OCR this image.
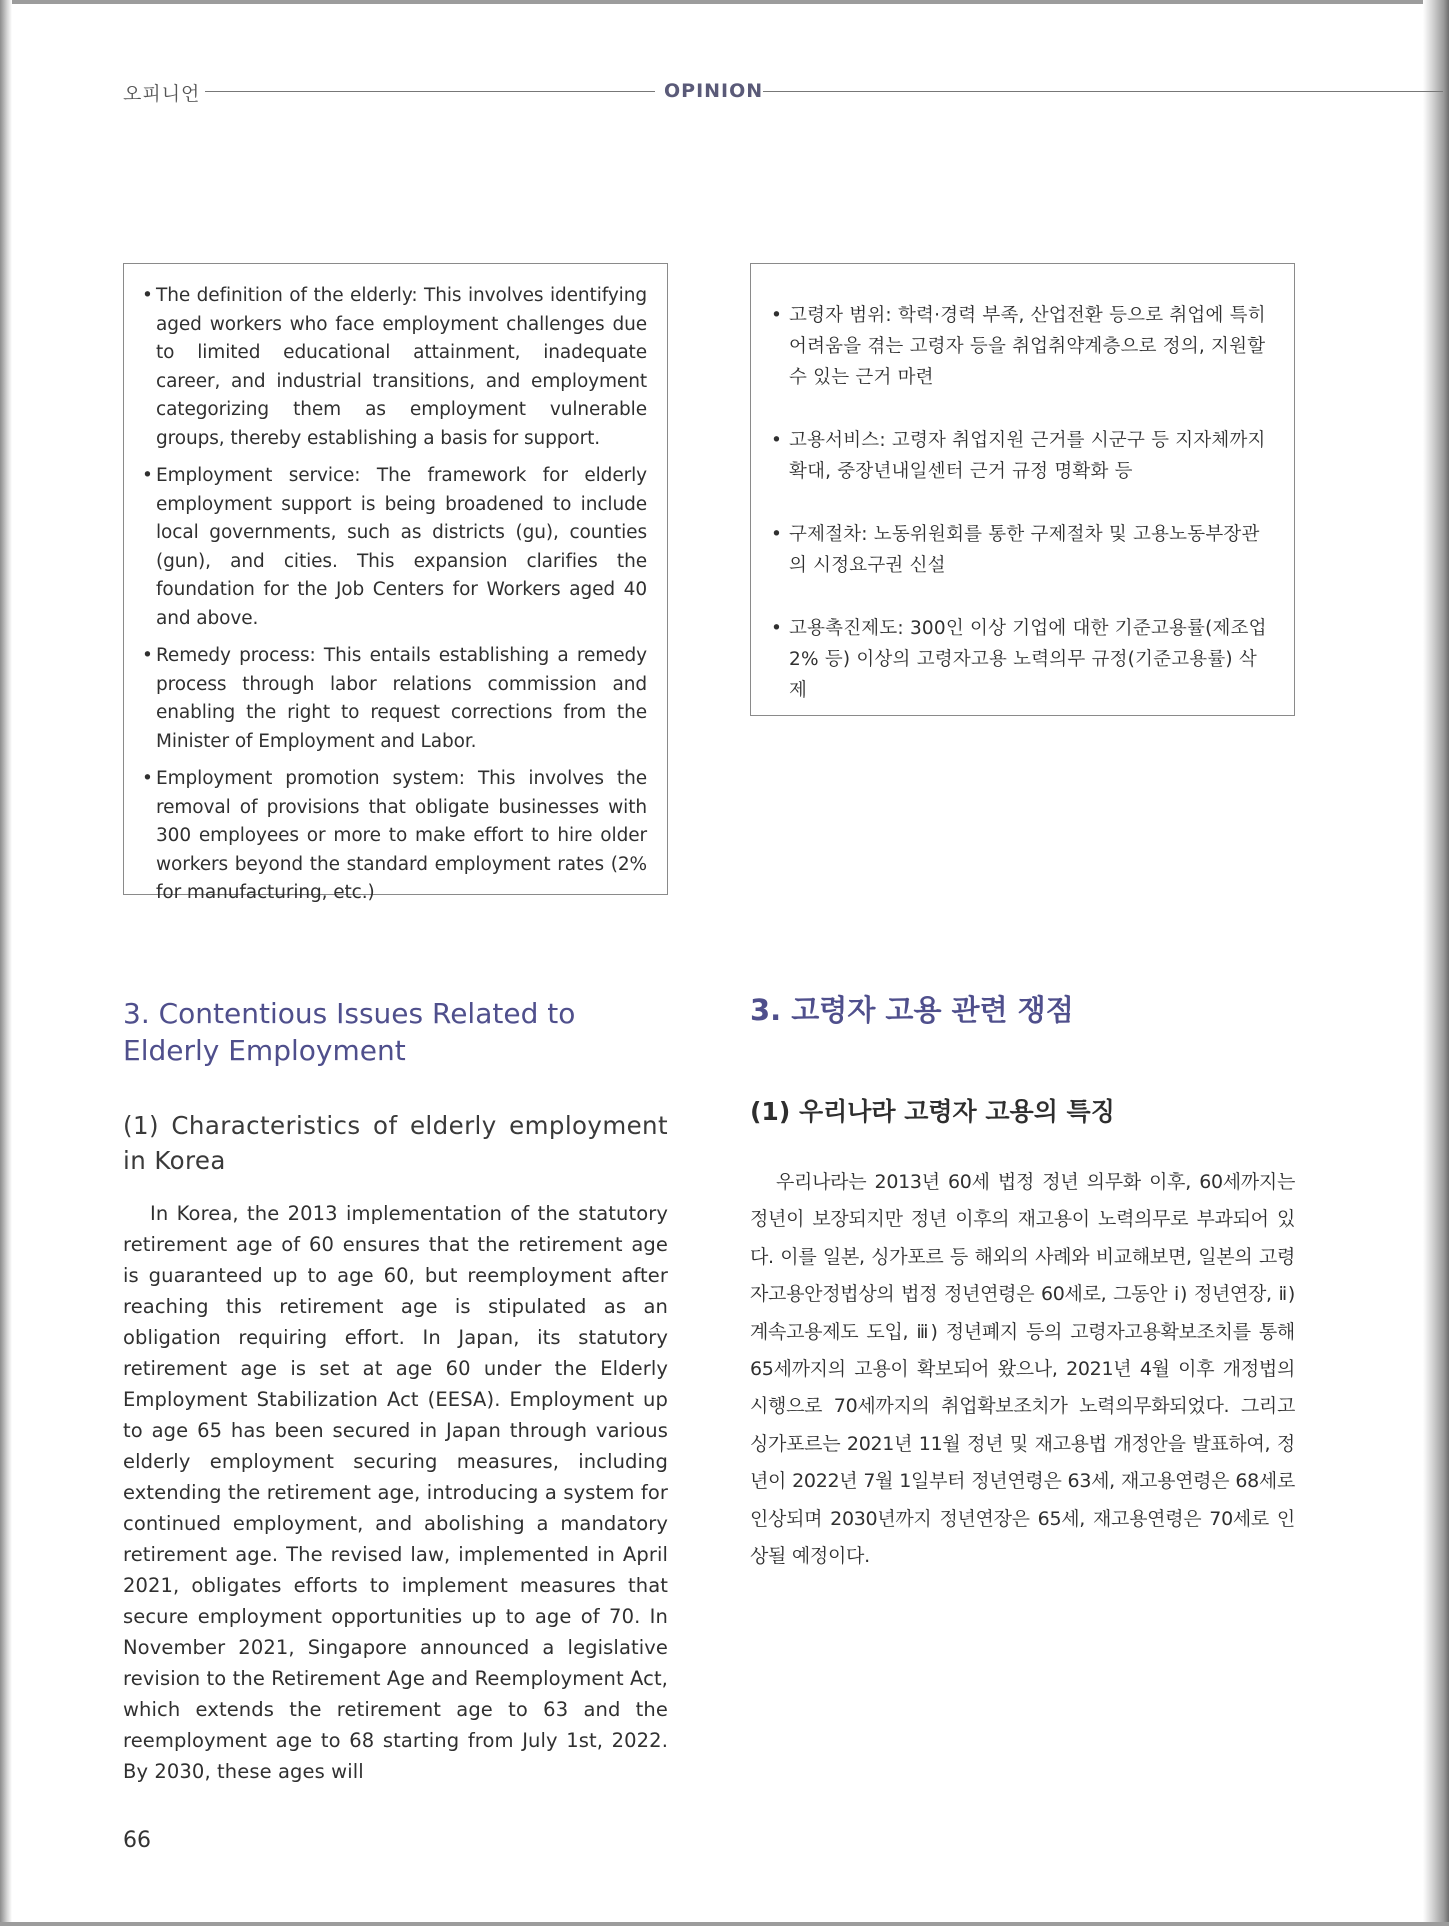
오피니언	OPINION
• The definition of the elderly: This involves identifying aged workers who face employment challenges due to limited educational attainment, inadequate career, and industrial transitions, and employment categorizing them as employment vulnerable groups, thereby establishing a basis for support.
• Employment service: The framework for elderly employment support is being broadened to include local governments, such as districts (gu), counties (gun), and cities. This expansion clarifies the foundation for the Job Centers for Workers aged 40 and above.
• Remedy process: This entails establishing a remedy process through labor relations commission and enabling the right to request corrections from the Minister of Employment and Labor.
• Employment promotion system: This involves the removal of provisions that obligate businesses with 300 employees or more to make effort to hire older workers beyond the standard employment rates (2% for manufacturing, etc.)
• 고령자 범위: 학력·경력 부족, 산업전환 등으로 취업에 특히 어려움을 겪는 고령자 등을 취업취약계층으로 정의, 지원할 수 있는 근거 마련
• 고용서비스: 고령자 취업지원 근거를 시군구 등 지자체까지 확대, 중장년내일센터 근거 규정 명확화 등
• 구제절차: 노동위원회를 통한 구제절차 및 고용노동부장관의 시정요구권 신설
• 고용촉진제도: 300인 이상 기업에 대한 기준고용률(제조업 2% 등) 이상의 고령자고용 노력의무 규정(기준고용률) 삭제
3. Contentious Issues Related to Elderly Employment
(1) Characteristics of elderly employment in Korea

In Korea, the 2013 implementation of the statutory retirement age of 60 ensures that the retirement age is guaranteed up to age 60, but reemployment after reaching this retirement age is stipulated as an obligation requiring effort. In Japan, its statutory retirement age is set at age 60 under the Elderly Employment Stabilization Act (EESA). Employment up to age 65 has been secured in Japan through various elderly employment securing measures, including extending the retirement age, introducing a system for continued employment, and abolishing a mandatory retirement age. The revised law, implemented in April 2021, obligates efforts to implement measures that secure employment opportunities up to age of 70. In November 2021, Singapore announced a legislative revision to the Retirement Age and Reemployment Act, which extends the retirement age to 63 and the reemployment age to 68 starting from July 1st, 2022. By 2030, these ages will

3. 고령자 고용 관련 쟁점
(1) 우리나라 고령자 고용의 특징

우리나라는 2013년 60세 법정 정년 의무화 이후, 60세까지는 정년이 보장되지만 정년 이후의 재고용이 노력의무로 부과되어 있다. 이를 일본, 싱가포르 등 해외의 사례와 비교해보면, 일본의 고령자고용안정법상의 법정 정년연령은 60세로, 그동안 ⅰ) 정년연장, ⅱ) 계속고용제도 도입, ⅲ) 정년폐지 등의 고령자고용확보조치를 통해 65세까지의 고용이 확보되어 왔으나, 2021년 4월 이후 개정법의 시행으로 70세까지의 취업확보조치가 노력의무화되었다. 그리고 싱가포르는 2021년 11월 정년 및 재고용법 개정안을 발표하여, 정년이 2022년 7월 1일부터 정년연령은 63세, 재고용연령은 68세로 인상되며 2030년까지 정년연장은 65세, 재고용연령은 70세로 인상될 예정이다.

66
